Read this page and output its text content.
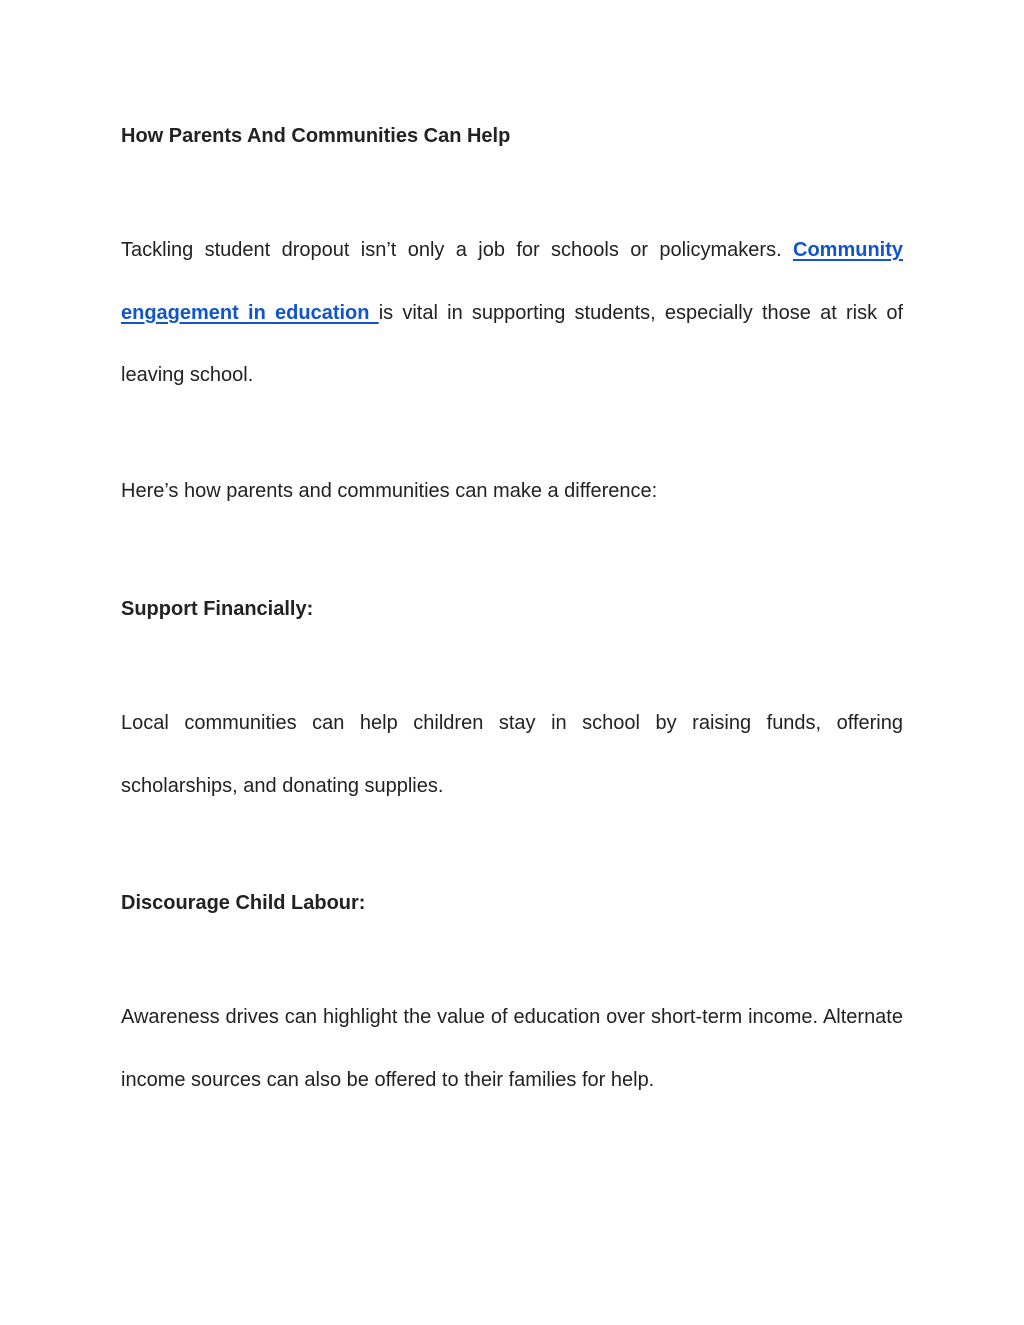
How Parents And Communities Can Help

Tackling student dropout isn’t only a job for schools or policymakers. Community engagement in education is vital in supporting students, especially those at risk of leaving school.

Here’s how parents and communities can make a difference:

Support Financially:

Local communities can help children stay in school by raising funds, offering scholarships, and donating supplies.

Discourage Child Labour:

Awareness drives can highlight the value of education over short-term income. Alternate income sources can also be offered to their families for help.
